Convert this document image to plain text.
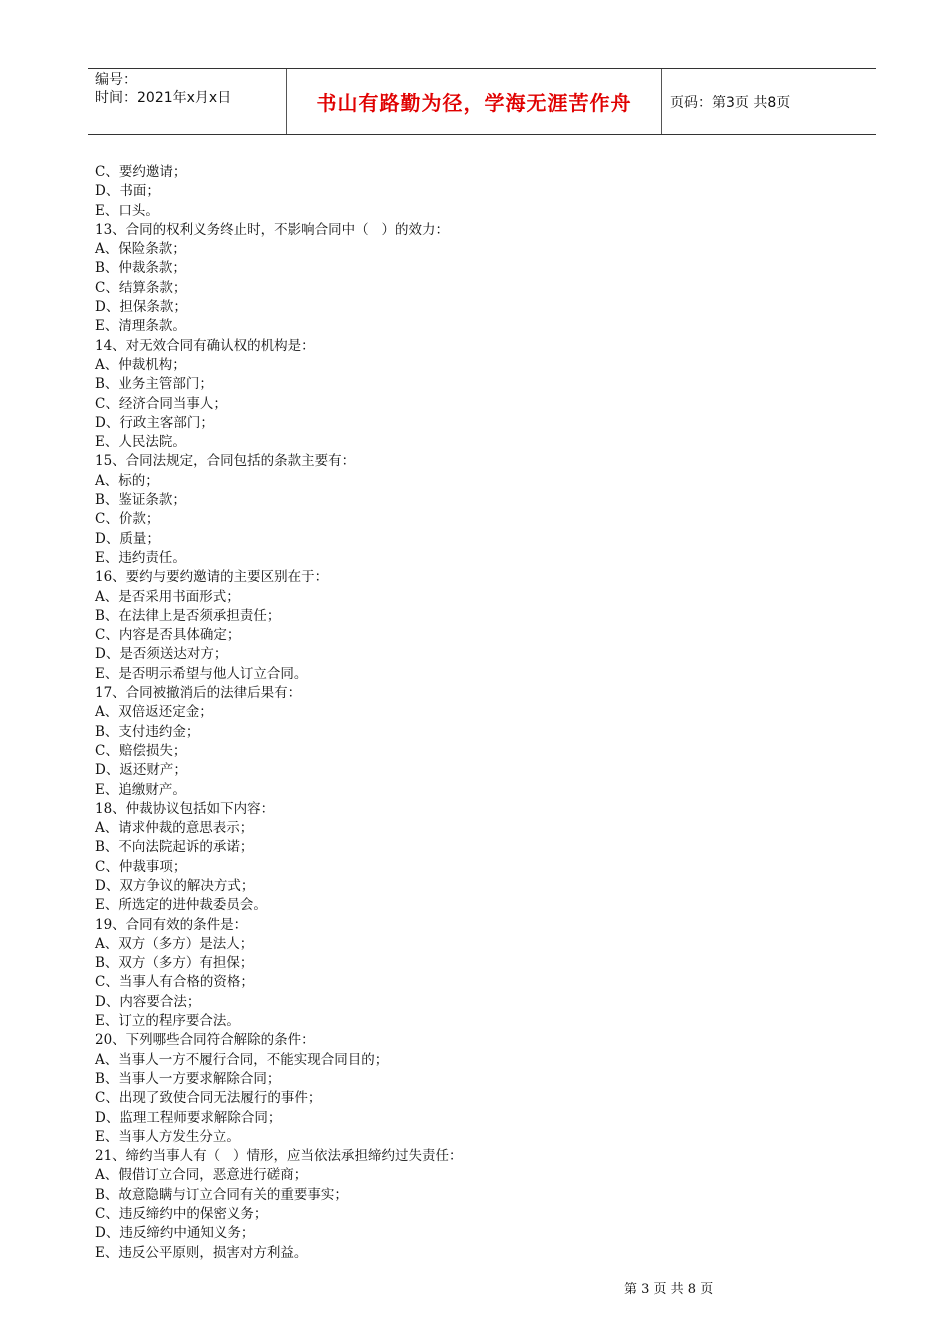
编号：
时间：2021年x月x日	书山有路勤为径，学海无涯苦作舟	页码：第3页 共8页
C、要约邀请；
D、书面；
E、口头。
13、合同的权利义务终止时，不影响合同中（   ）的效力：
A、保险条款；
B、仲裁条款；
C、结算条款；
D、担保条款；
E、清理条款。
14、对无效合同有确认权的机构是：
A、仲裁机构；
B、业务主管部门；
C、经济合同当事人；
D、行政主客部门；
E、人民法院。
15、合同法规定，合同包括的条款主要有：
A、标的；
B、鉴证条款；
C、价款；
D、质量；
E、违约责任。
16、要约与要约邀请的主要区别在于：
A、是否采用书面形式；
B、在法律上是否须承担责任；
C、内容是否具体确定；
D、是否须送达对方；
E、是否明示希望与他人订立合同。
17、合同被撤消后的法律后果有：
A、双倍返还定金；
B、支付违约金；
C、赔偿损失；
D、返还财产；
E、追缴财产。
18、仲裁协议包括如下内容：
A、请求仲裁的意思表示；
B、不向法院起诉的承诺；
C、仲裁事项；
D、双方争议的解决方式；
E、所选定的进仲裁委员会。
19、合同有效的条件是：
A、双方（多方）是法人；
B、双方（多方）有担保；
C、当事人有合格的资格；
D、内容要合法；
E、订立的程序要合法。
20、下列哪些合同符合解除的条件：
A、当事人一方不履行合同，不能实现合同目的；
B、当事人一方要求解除合同；
C、出现了致使合同无法履行的事件；
D、监理工程师要求解除合同；
E、当事人方发生分立。
21、缔约当事人有（   ）情形，应当依法承担缔约过失责任：
A、假借订立合同，恶意进行磋商；
B、故意隐瞒与订立合同有关的重要事实；
C、违反缔约中的保密义务；
D、违反缔约中通知义务；
E、违反公平原则，损害对方利益。
第 3 页 共 8 页
